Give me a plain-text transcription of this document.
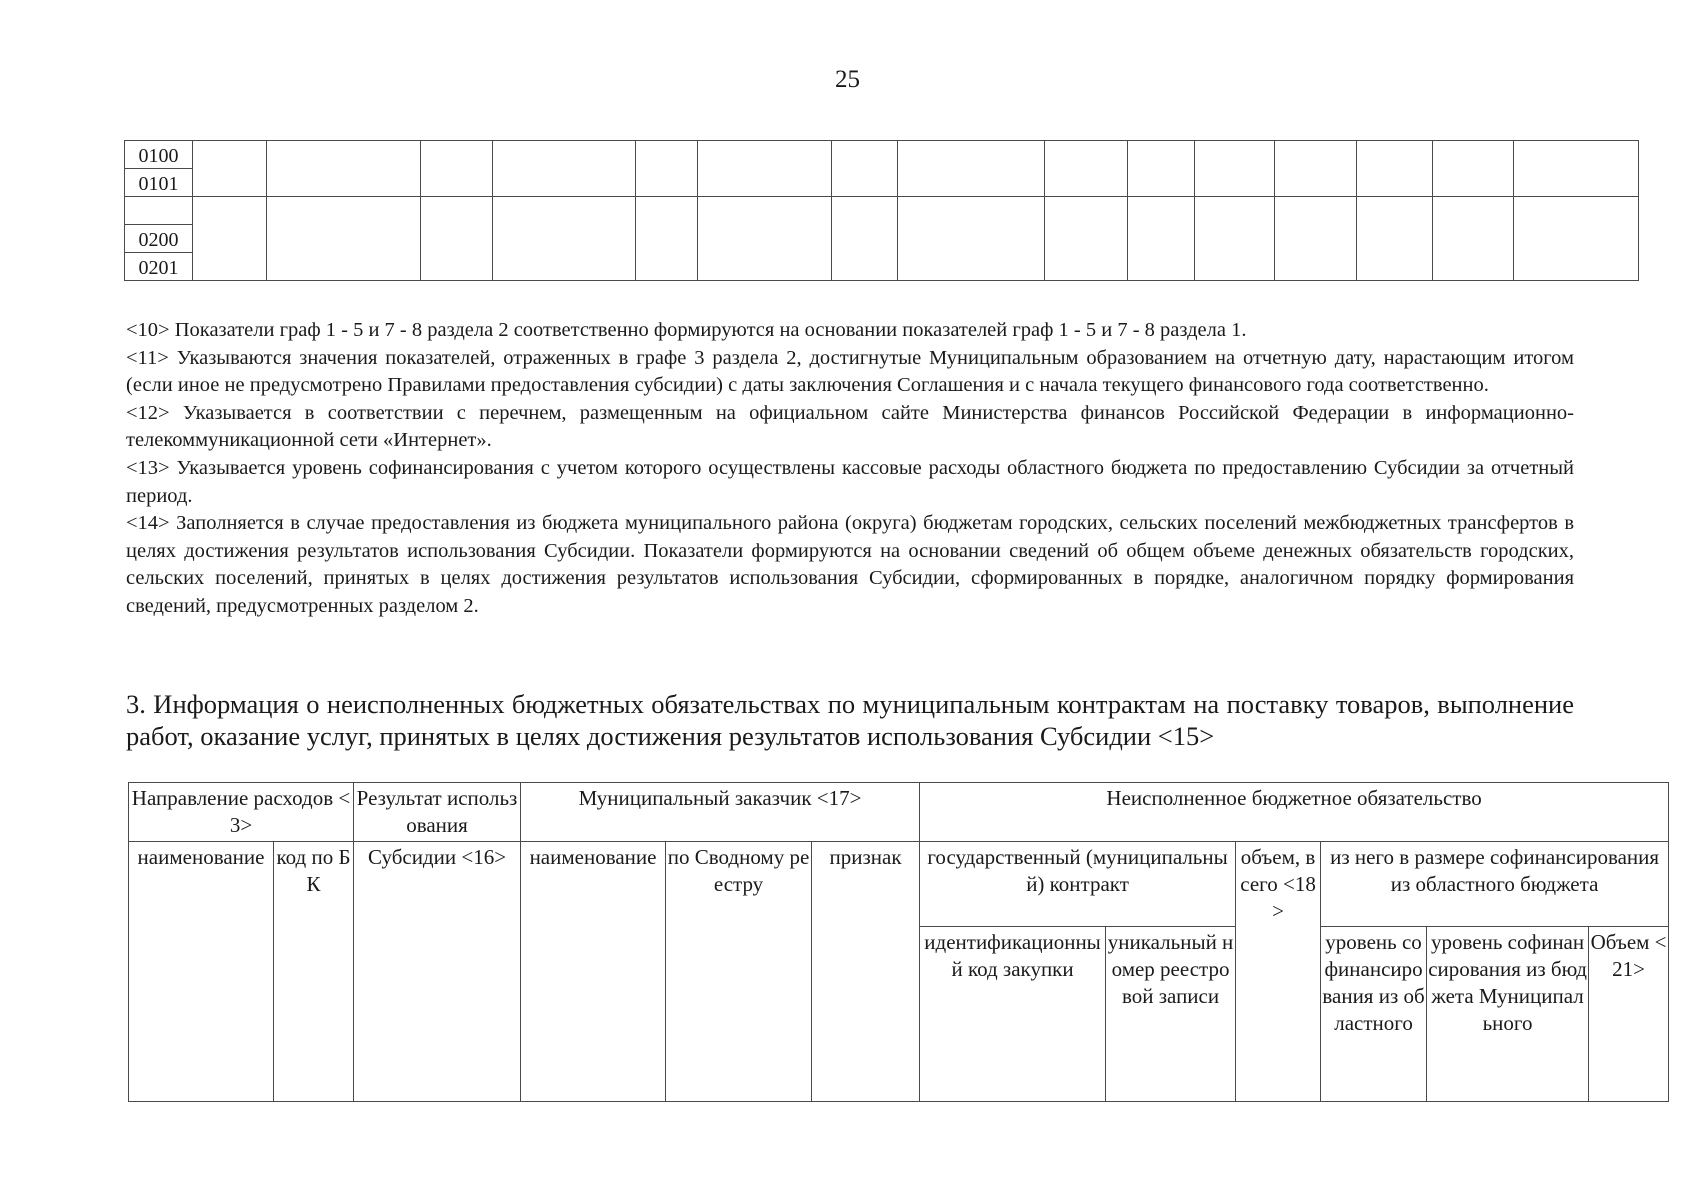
25
0100															
0101															

0200															
0201															

<10> Показатели граф 1 - 5 и 7 - 8 раздела 2 соответственно формируются на основании показателей граф 1 - 5 и 7 - 8 раздела 1.

<11> Указываются значения показателей, отраженных в графе 3 раздела 2, достигнутые Муниципальным образованием на отчетную дату, нарастающим итогом (если иное не предусмотрено Правилами предоставления субсидии) с даты заключения Соглашения и с начала текущего финансового года соответственно.

<12> Указывается в соответствии с перечнем, размещенным на официальном сайте Министерства финансов Российской Федерации в информационно-телекоммуникационной сети «Интернет».

<13> Указывается уровень софинансирования с учетом которого осуществлены кассовые расходы областного бюджета по предоставлению Субсидии за отчетный период.

<14> Заполняется в случае предоставления из бюджета муниципального района (округа) бюджетам городских, сельских поселений межбюджетных трансфертов в целях достижения результатов использования Субсидии. Показатели формируются на основании сведений об общем объеме денежных обязательств городских, сельских поселений, принятых в целях достижения результатов использования Субсидии, сформированных в порядке, аналогичном порядку формирования сведений, предусмотренных разделом 2.

3. Информация о неисполненных бюджетных обязательствах по муниципальным контрактам на поставку товаров, выполнение работ, оказание услуг, принятых в целях достижения результатов использования Субсидии <15>
Направление расходов <3>		Результат использования	Муниципальный заказчик <17>			Неисполненное бюджетное обязательство					
наименование	код по БК	Субсидии <16>	наименование	по Сводному реестру	признак	государственный (муниципальный) контракт		объем, всего <18>	из него в размере софинансирования из областного бюджета		
						идентификационный код закупки	уникальный номер реестровой записи		уровень софинансирования из областного	уровень софинансирования из бюджета Муниципального	Объем <21>
